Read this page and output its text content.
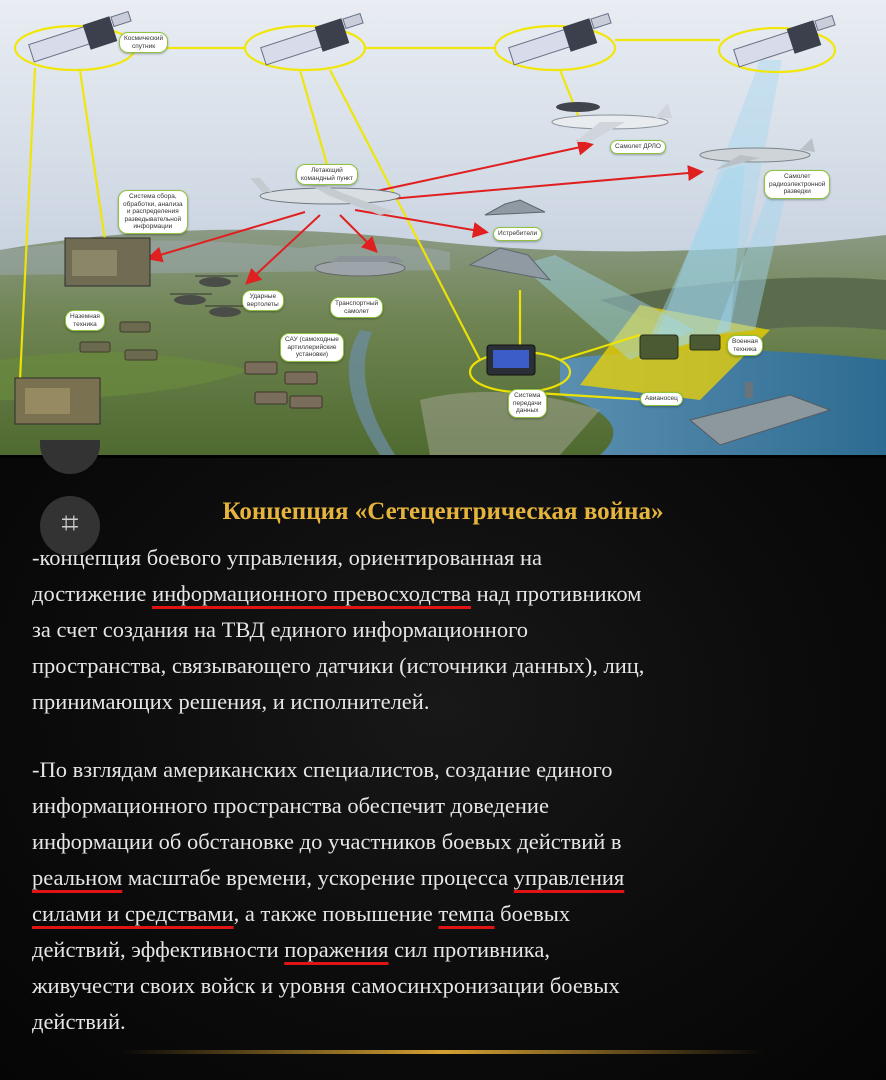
Космический
спутник
Летающий
командный пункт
Система сбора,
обработки, анализа
и распределения
разведывательной
информации
Самолет ДРЛО
Самолет
радиоэлектронной
разведки
Истребители
Ударные
вертолеты	Транспортный
самолет
Наземная
техника
САУ (самоходные
артиллерийские
установки)
Система
передачи
данных
Военная
техника
Авианосец
⌗	Концепция «Сетецентрическая война»
-концепция боевого управления, ориентированная на
достижение информационного превосходства над противником
за счет создания на ТВД единого информационного
пространства, связывающего датчики (источники данных), лиц,
принимающих решения, и исполнителей.
-По взглядам американских специалистов, создание единого
информационного пространства обеспечит доведение
информации об обстановке до участников боевых действий в
реальном масштабе времени, ускорение процесса управления
силами и средствами, а также повышение темпа боевых
действий, эффективности поражения сил противника,
живучести своих войск и уровня самосинхронизации боевых
действий.
